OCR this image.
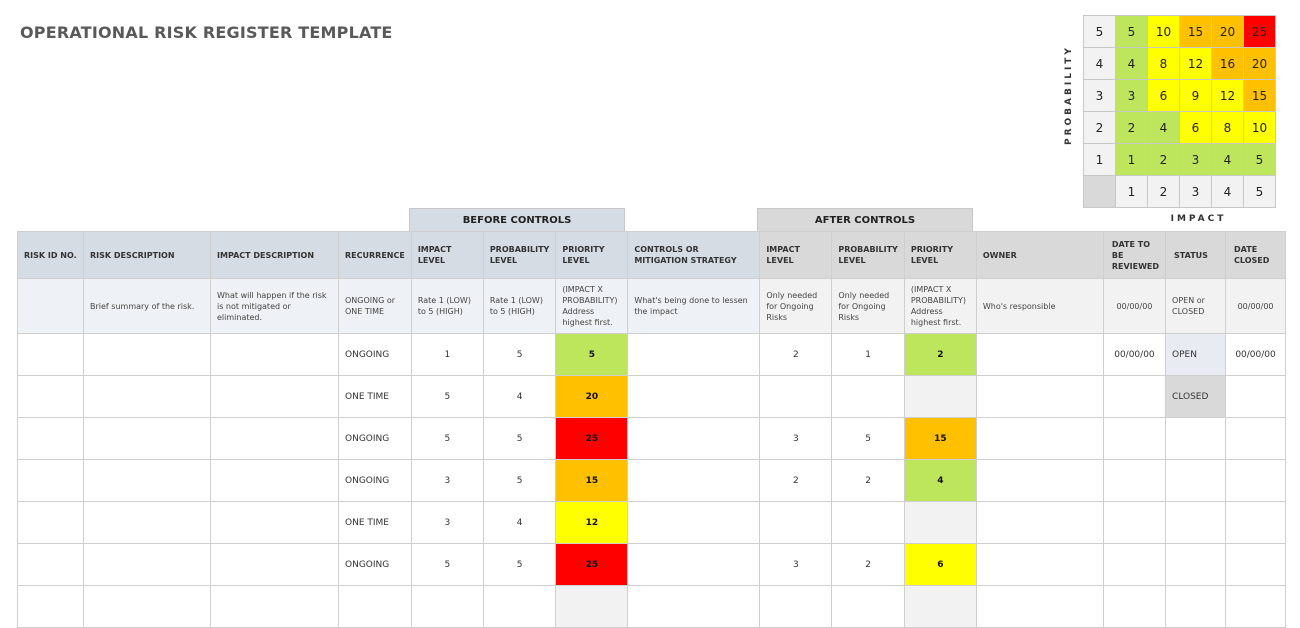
OPERATIONAL RISK REGISTER TEMPLATE
PROBABILITY
5	5	10	15	20	25
4	4	8	12	16	20
3	3	6	9	12	15
2	2	4	6	8	10
1	1	2	3	4	5
	1	2	3	4	5
IMPACT
BEFORE CONTROLS	AFTER CONTROLS
RISK ID NO.	RISK DESCRIPTION	IMPACT DESCRIPTION	RECURRENCE	IMPACT LEVEL	PROBABILITY LEVEL	PRIORITY LEVEL	CONTROLS OR MITIGATION STRATEGY	IMPACT LEVEL	PROBABILITY LEVEL	PRIORITY LEVEL	OWNER	DATE TO BE REVIEWED	STATUS	DATE CLOSED
	Brief summary of the risk.	What will happen if the risk is not mitigated or eliminated.	ONGOING or ONE TIME	Rate 1 (LOW) to 5 (HIGH)	Rate 1 (LOW) to 5 (HIGH)	(IMPACT X PROBABILITY) Address highest first.	What's being done to lessen the impact	Only needed for Ongoing Risks	Only needed for Ongoing Risks	(IMPACT X PROBABILITY) Address highest first.	Who's responsible	00/00/00	OPEN or CLOSED	00/00/00
			ONGOING	1	5	5		2	1	2		00/00/00	OPEN	00/00/00
			ONE TIME	5	4	20							CLOSED	
			ONGOING	5	5	25		3	5	15				
			ONGOING	3	5	15		2	2	4				
			ONE TIME	3	4	12								
			ONGOING	5	5	25		3	2	6				
